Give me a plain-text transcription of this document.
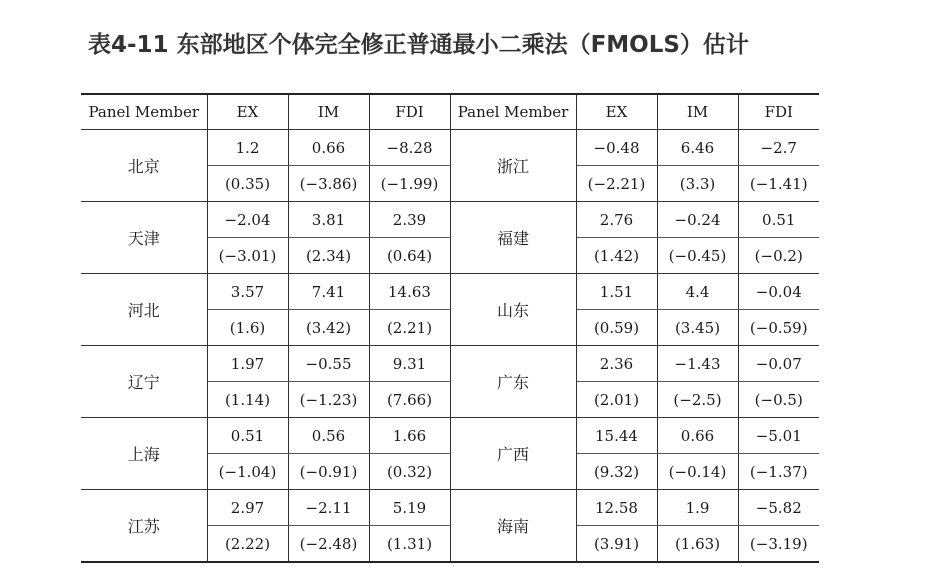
表4-11 东部地区个体完全修正普通最小二乘法（FMOLS）估计
Panel Member	EX	IM	FDI	Panel Member	EX	IM	FDI
北京	1.2	0.66	−8.28	浙江	−0.48	6.46	−2.7
	(0.35)	(−3.86)	(−1.99)		(−2.21)	(3.3)	(−1.41)
天津	−2.04	3.81	2.39	福建	2.76	−0.24	0.51
	(−3.01)	(2.34)	(0.64)		(1.42)	(−0.45)	(−0.2)
河北	3.57	7.41	14.63	山东	1.51	4.4	−0.04
	(1.6)	(3.42)	(2.21)		(0.59)	(3.45)	(−0.59)
辽宁	1.97	−0.55	9.31	广东	2.36	−1.43	−0.07
	(1.14)	(−1.23)	(7.66)		(2.01)	(−2.5)	(−0.5)
上海	0.51	0.56	1.66	广西	15.44	0.66	−5.01
	(−1.04)	(−0.91)	(0.32)		(9.32)	(−0.14)	(−1.37)
江苏	2.97	−2.11	5.19	海南	12.58	1.9	−5.82
	(2.22)	(−2.48)	(1.31)		(3.91)	(1.63)	(−3.19)
